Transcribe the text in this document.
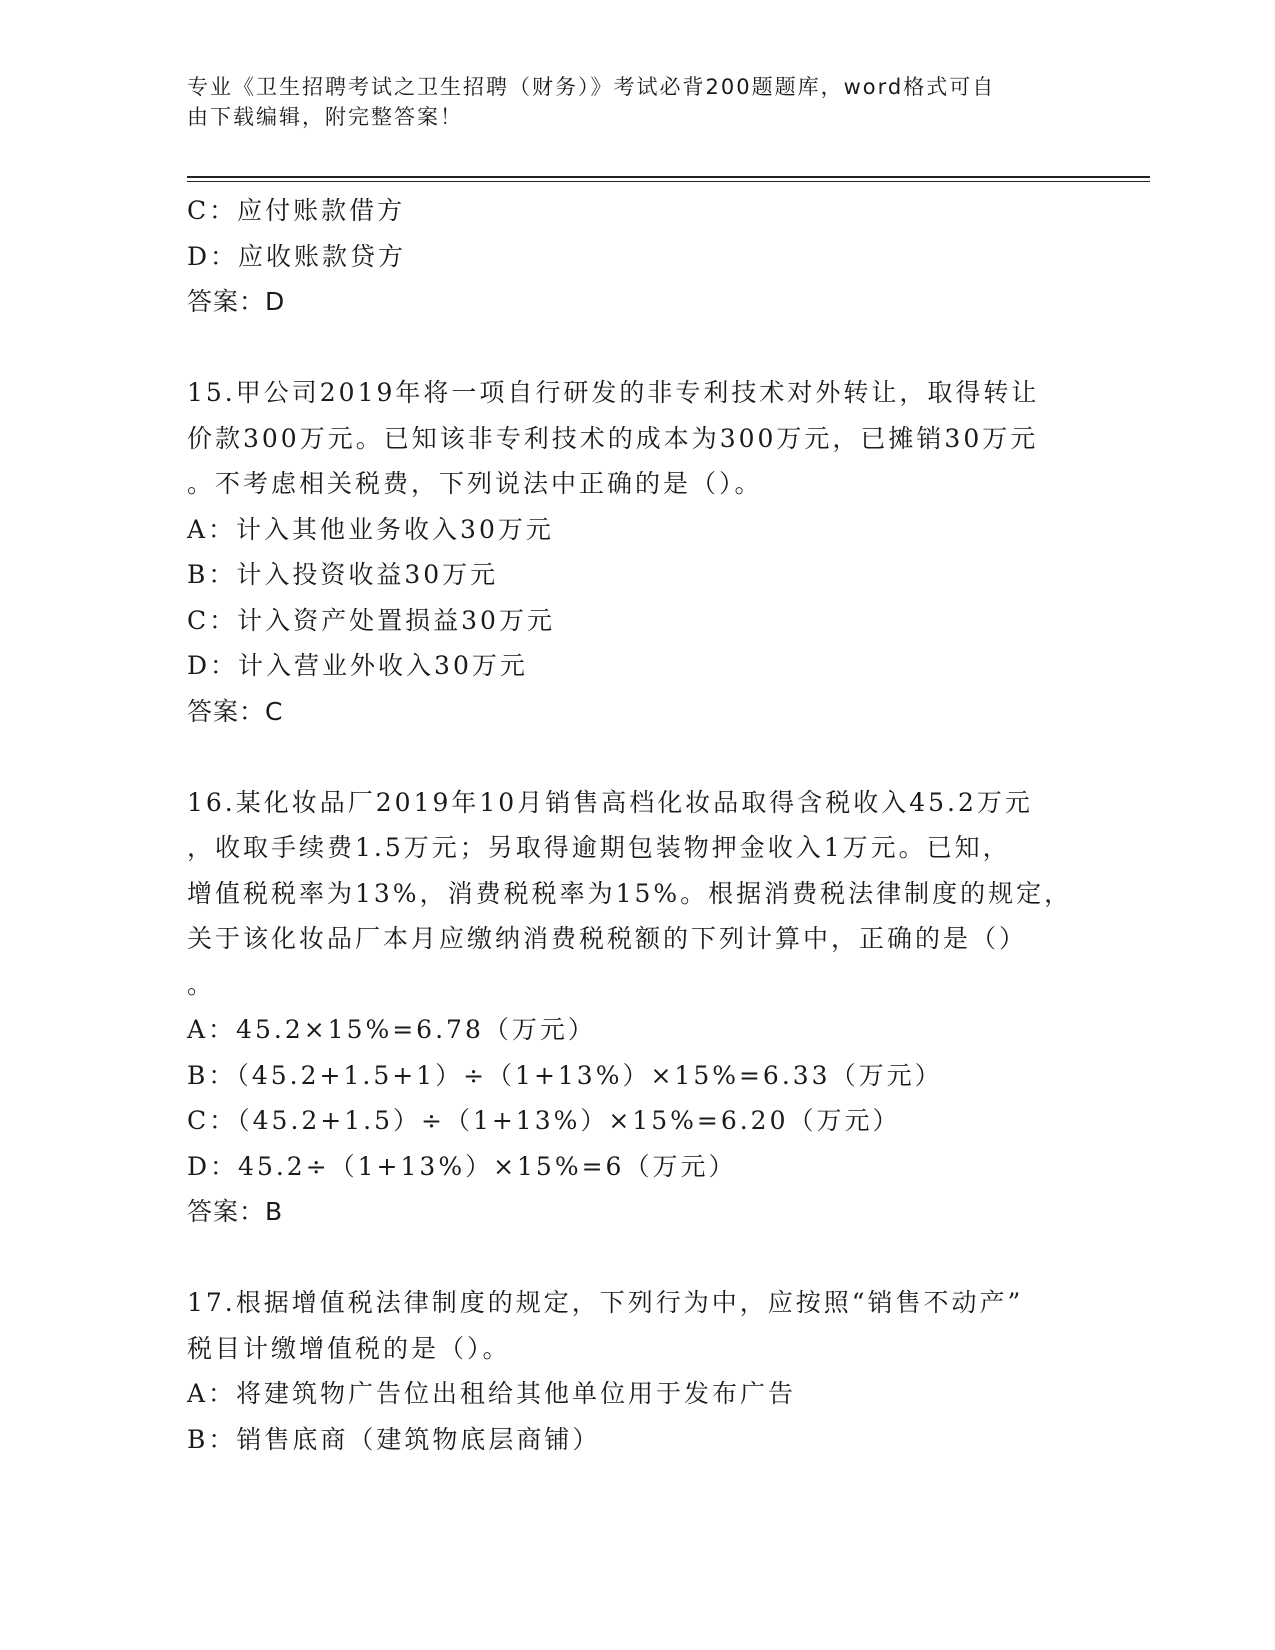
专业《卫生招聘考试之卫生招聘（财务）》考试必背200题题库，word格式可自
由下载编辑，附完整答案！
C：应付账款借方
D：应收账款贷方
答案：D
15.甲公司2019年将一项自行研发的非专利技术对外转让，取得转让
价款300万元。已知该非专利技术的成本为300万元，已摊销30万元
。不考虑相关税费，下列说法中正确的是（）。
A：计入其他业务收入30万元
B：计入投资收益30万元
C：计入资产处置损益30万元
D：计入营业外收入30万元
答案：C
16.某化妆品厂2019年10月销售高档化妆品取得含税收入45.2万元
，收取手续费1.5万元；另取得逾期包装物押金收入1万元。已知，
增值税税率为13%，消费税税率为15%。根据消费税法律制度的规定，
关于该化妆品厂本月应缴纳消费税税额的下列计算中，正确的是（）
。
A：45.2×15%=6.78（万元）
B：（45.2+1.5+1）÷（1+13%）×15%=6.33（万元）
C：（45.2+1.5）÷（1+13%）×15%=6.20（万元）
D：45.2÷（1+13%）×15%=6（万元）
答案：B
17.根据增值税法律制度的规定，下列行为中，应按照“销售不动产”
税目计缴增值税的是（）。
A：将建筑物广告位出租给其他单位用于发布广告
B：销售底商（建筑物底层商铺）
